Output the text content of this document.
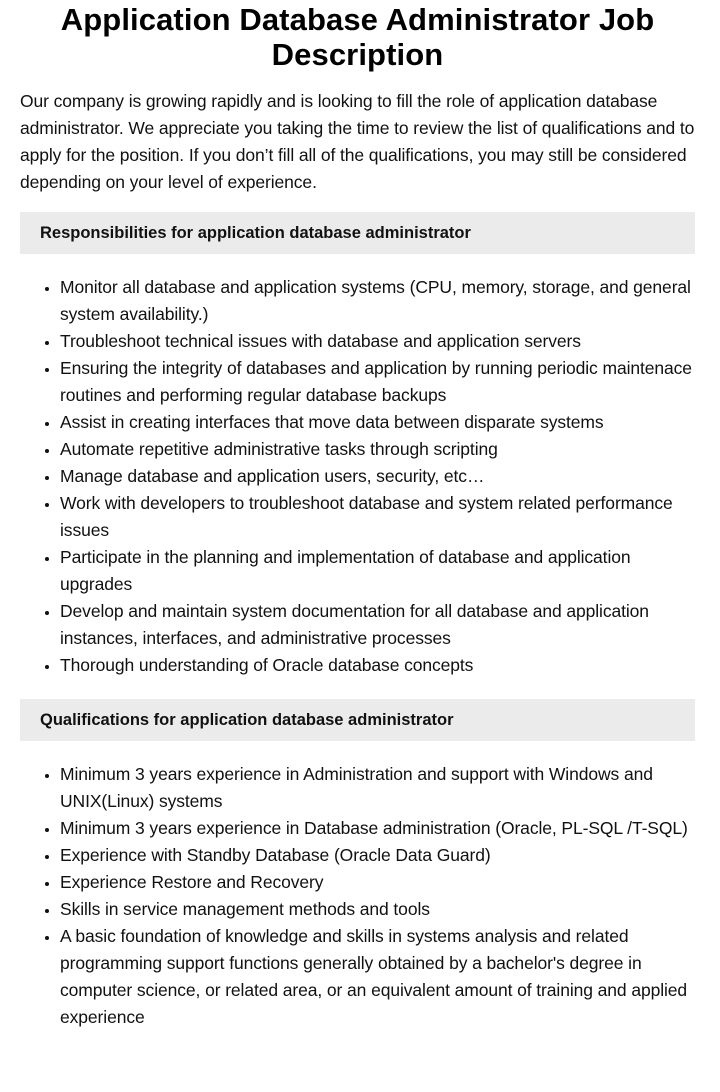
Application Database Administrator Job Description

Our company is growing rapidly and is looking to fill the role of application database administrator. We appreciate you taking the time to review the list of qualifications and to apply for the position. If you don’t fill all of the qualifications, you may still be considered depending on your level of experience.

Responsibilities for application database administrator
• Monitor all database and application systems (CPU, memory, storage, and general system availability.)
• Troubleshoot technical issues with database and application servers
• Ensuring the integrity of databases and application by running periodic maintenace routines and performing regular database backups
• Assist in creating interfaces that move data between disparate systems
• Automate repetitive administrative tasks through scripting
• Manage database and application users, security, etc…
• Work with developers to troubleshoot database and system related performance issues
• Participate in the planning and implementation of database and application upgrades
• Develop and maintain system documentation for all database and application instances, interfaces, and administrative processes
• Thorough understanding of Oracle database concepts
Qualifications for application database administrator
• Minimum 3 years experience in Administration and support with Windows and UNIX(Linux) systems
• Minimum 3 years experience in Database administration (Oracle, PL-SQL /T-SQL)
• Experience with Standby Database (Oracle Data Guard)
• Experience Restore and Recovery
• Skills in service management methods and tools
• A basic foundation of knowledge and skills in systems analysis and related programming support functions generally obtained by a bachelor's degree in computer science, or related area, or an equivalent amount of training and applied experience
